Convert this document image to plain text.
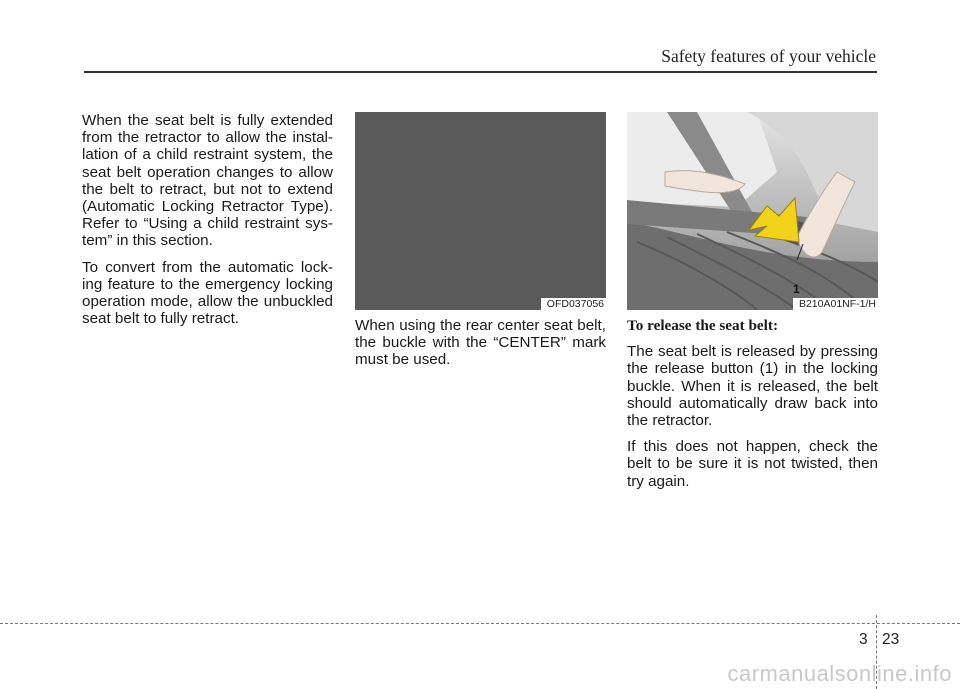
Safety features of your vehicle

When the seat belt is fully extended from the retractor to allow the instal-lation of a child restraint system, the seat belt operation changes to allow the belt to retract, but not to extend (Automatic Locking Retractor Type). Refer to “Using a child restraint sys-tem” in this section.

To convert from the automatic lock-ing feature to the emergency locking operation mode, allow the unbuckled seat belt to fully retract.

OFD037056

When using the rear center seat belt, the buckle with the “CENTER” mark must be used.

1
B210A01NF-1/H

To release the seat belt:

The seat belt is released by pressing the release button (1) in the locking buckle. When it is released, the belt should automatically draw back into the retractor.

If this does not happen, check the belt to be sure it is not twisted, then try again.

3 23
carmanualsonline.info
